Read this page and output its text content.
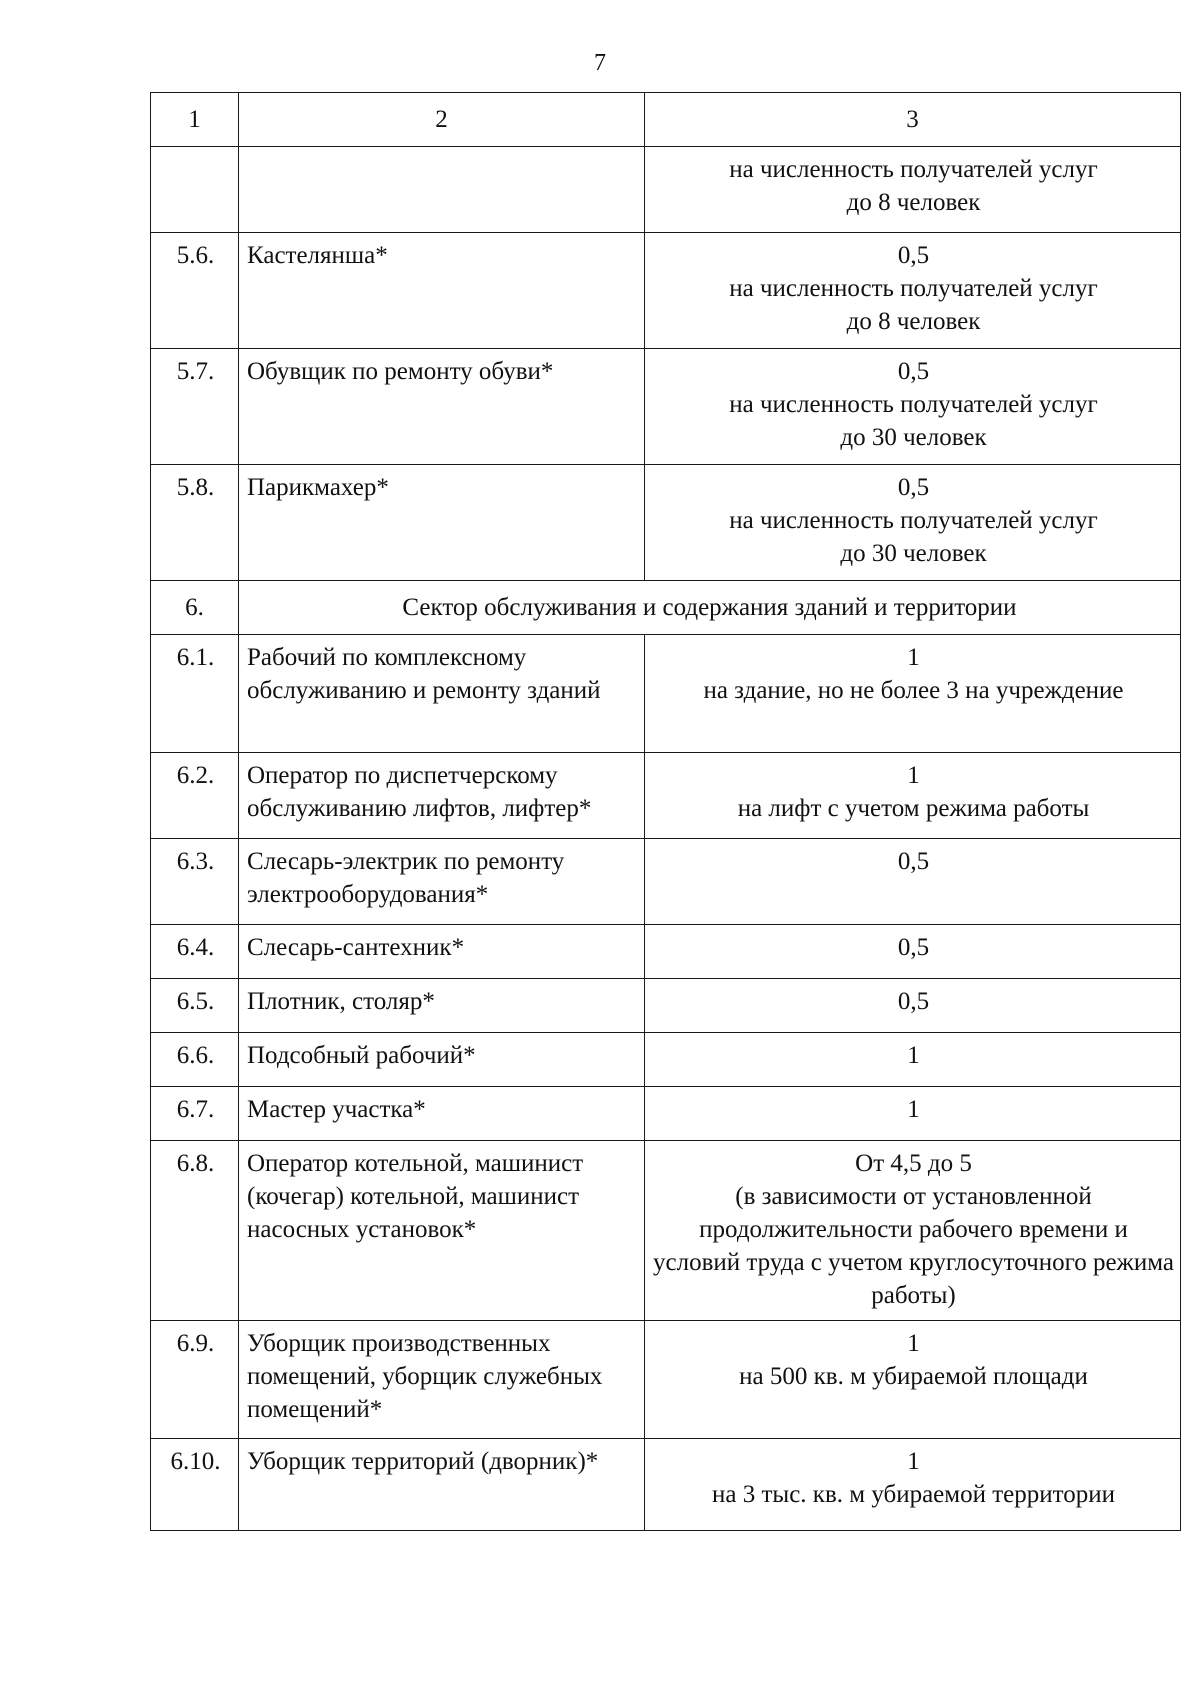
7
1	2	3

		на численность получателей услуг
до 8 человек

5.6.	Кастелянша*	0,5
на численность получателей услуг
до 8 человек

5.7.	Обувщик по ремонту обуви*	0,5
на численность получателей услуг
до 30 человек

5.8.	Парикмахер*	0,5
на численность получателей услуг
до 30 человек

6.	Сектор обслуживания и содержания зданий и территории	
6.1.	Рабочий по комплексному обслуживанию и ремонту зданий	1
на здание, но не более 3 на учреждение

6.2.	Оператор по диспетчерскому обслуживанию лифтов, лифтер*	1
на лифт с учетом режима работы

6.3.	Слесарь-электрик по ремонту электрооборудования*	0,5

6.4.	Слесарь-сантехник*	0,5

6.5.	Плотник, столяр*	0,5

6.6.	Подсобный рабочий*	1

6.7.	Мастер участка*	1

6.8.	Оператор котельной, машинист (кочегар) котельной, машинист насосных установок*	От 4,5 до 5
(в зависимости от установленной продолжительности рабочего времени и условий труда с учетом круглосуточного режима работы)

6.9.	Уборщик производственных помещений, уборщик служебных помещений*	1
на 500 кв. м убираемой площади

6.10.	Уборщик территорий (дворник)*	1
на 3 тыс. кв. м убираемой территории
